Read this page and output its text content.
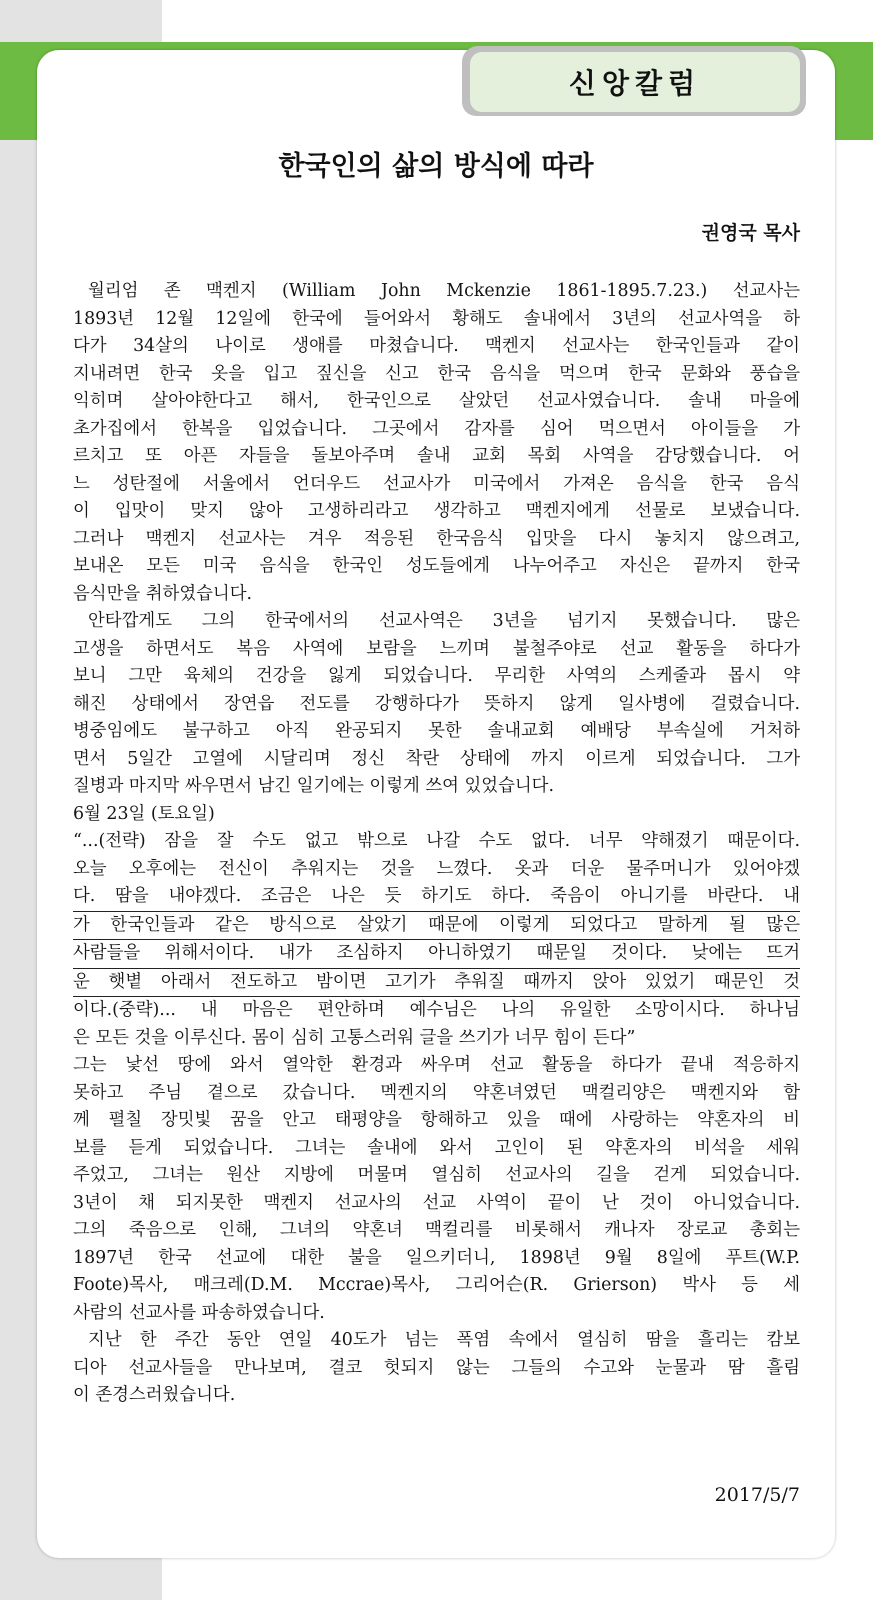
신앙칼럼
한국인의 삶의 방식에 따라
권영국 목사
월리엄 존 맥켄지 (William John Mckenzie 1861-1895.7.23.) 선교사는
1893년 12월 12일에 한국에 들어와서 황해도 솔내에서 3년의 선교사역을 하
다가 34살의 나이로 생애를 마쳤습니다. 맥켄지 선교사는 한국인들과 같이
지내려면 한국 옷을 입고 짚신을 신고 한국 음식을 먹으며 한국 문화와 풍습을
익히며 살아야한다고 해서, 한국인으로 살았던 선교사였습니다. 솔내 마을에
초가집에서 한복을 입었습니다. 그곳에서 감자를 심어 먹으면서 아이들을 가
르치고 또 아픈 자들을 돌보아주며 솔내 교회 목회 사역을 감당했습니다. 어
느 성탄절에 서울에서 언더우드 선교사가 미국에서 가져온 음식을 한국 음식
이 입맛이 맞지 않아 고생하리라고 생각하고 맥켄지에게 선물로 보냈습니다.
그러나 맥켄지 선교사는 겨우 적응된 한국음식 입맛을 다시 놓치지 않으려고,
보내온 모든 미국 음식을 한국인 성도들에게 나누어주고 자신은 끝까지 한국
음식만을 취하였습니다.
안타깝게도 그의 한국에서의 선교사역은 3년을 넘기지 못했습니다. 많은
고생을 하면서도 복음 사역에 보람을 느끼며 불철주야로 선교 활동을 하다가
보니 그만 육체의 건강을 잃게 되었습니다. 무리한 사역의 스케줄과 몹시 약
해진 상태에서 장연읍 전도를 강행하다가 뜻하지 않게 일사병에 걸렸습니다.
병중임에도 불구하고 아직 완공되지 못한 솔내교회 예배당 부속실에 거처하
면서 5일간 고열에 시달리며 정신 착란 상태에 까지 이르게 되었습니다. 그가
질병과 마지막 싸우면서 남긴 일기에는 이렇게 쓰여 있었습니다.
6월 23일 (토요일)
“...(전략) 잠을 잘 수도 없고 밖으로 나갈 수도 없다. 너무 약해졌기 때문이다.
오늘 오후에는 전신이 추워지는 것을 느꼈다. 옷과 더운 물주머니가 있어야겠
다. 땀을 내야겠다. 조금은 나은 듯 하기도 하다. 죽음이 아니기를 바란다. 내
가 한국인들과 같은 방식으로 살았기 때문에 이렇게 되었다고 말하게 될 많은
사람들을 위해서이다. 내가 조심하지 아니하였기 때문일 것이다. 낮에는 뜨거
운 햇볕 아래서 전도하고 밤이면 고기가 추워질 때까지 앉아 있었기 때문인 것
이다.(중략)... 내 마음은 편안하며 예수님은 나의 유일한 소망이시다. 하나님
은 모든 것을 이루신다. 몸이 심히 고통스러워 글을 쓰기가 너무 힘이 든다”
그는 낯선 땅에 와서 열악한 환경과 싸우며 선교 활동을 하다가 끝내 적응하지
못하고 주님 곁으로 갔습니다. 멕켄지의 약혼녀였던 맥컬리양은 맥켄지와 함
께 펼칠 장밋빛 꿈을 안고 태평양을 항해하고 있을 때에 사랑하는 약혼자의 비
보를 듣게 되었습니다. 그녀는 솔내에 와서 고인이 된 약혼자의 비석을 세워
주었고, 그녀는 원산 지방에 머물며 열심히 선교사의 길을 걷게 되었습니다.
3년이 채 되지못한 맥켄지 선교사의 선교 사역이 끝이 난 것이 아니었습니다.
그의 죽음으로 인해, 그녀의 약혼녀 맥컬리를 비롯해서 캐나자 장로교 총회는
1897년 한국 선교에 대한 불을 일으키더니, 1898년 9월 8일에 푸트(W.P.
Foote)목사, 매크레(D.M. Mccrae)목사, 그리어슨(R. Grierson) 박사 등 세
사람의 선교사를 파송하였습니다.
지난 한 주간 동안 연일 40도가 넘는 폭염 속에서 열심히 땀을 흘리는 캄보
디아 선교사들을 만나보며, 결코 헛되지 않는 그들의 수고와 눈물과 땀 흘림
이 존경스러웠습니다.
2017/5/7
